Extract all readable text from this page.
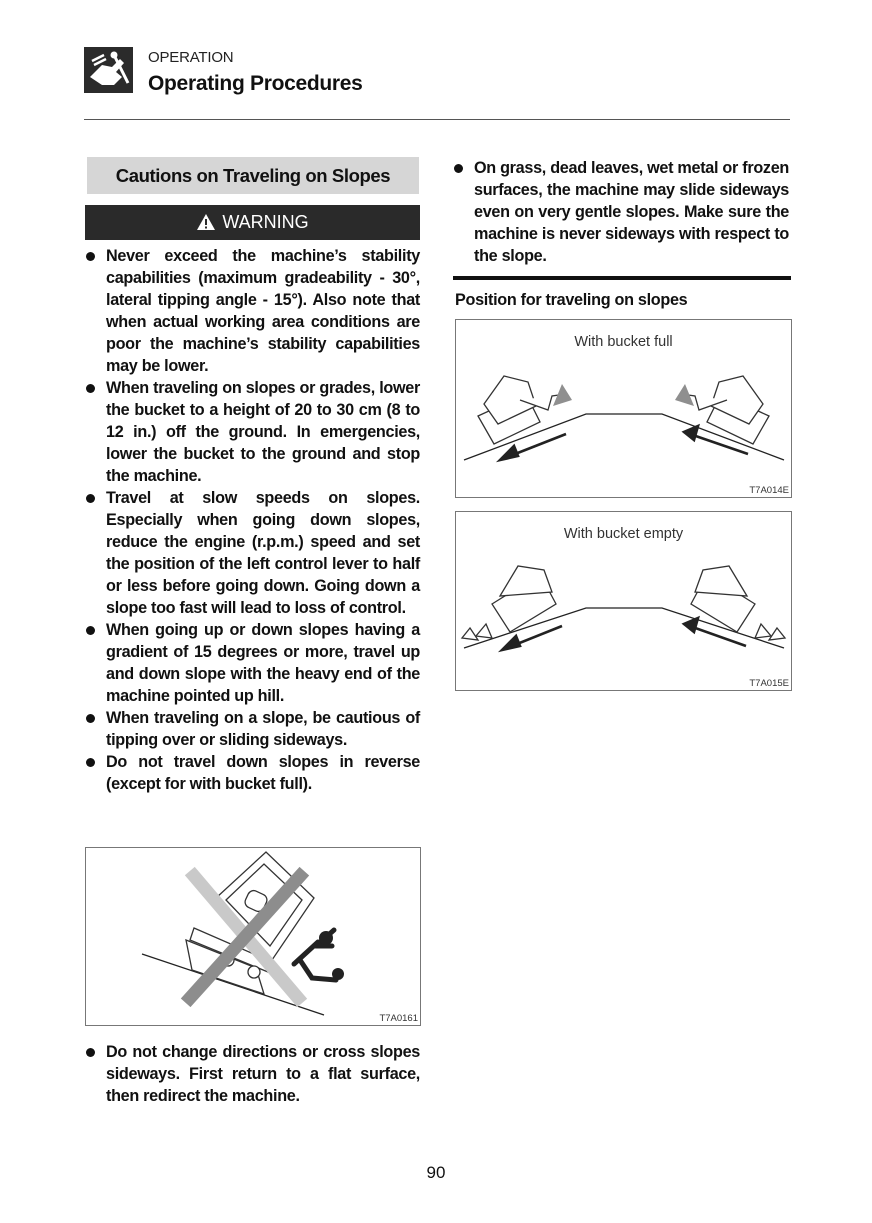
OPERATION
Operating Procedures
Cautions on Traveling on Slopes
WARNING
Never exceed the machine’s stability capabilities (maximum gradeability - 30°, lateral tipping angle - 15°). Also note that when actual working area conditions are poor the machine’s stability capabilities may be lower.
When traveling on slopes or grades, lower the bucket to a height of 20 to 30 cm (8 to 12 in.) off the ground. In emergencies, lower the bucket to the ground and stop the machine.
Travel at slow speeds on slopes. Especially when going down slopes, reduce the engine (r.p.m.) speed and set the position of the left control lever to half or less before going down. Going down a slope too fast will lead to loss of control.
When going up or down slopes having a gradient of 15 degrees or more, travel up and down slope with the heavy end of the machine pointed up hill.
When traveling on a slope, be cautious of tipping over or sliding sideways.
Do not travel down slopes in reverse (except for with bucket full).
T7A0161
Do not change directions or cross slopes sideways. First return to a flat surface, then redirect the machine.
On grass, dead leaves, wet metal or frozen surfaces, the machine may slide sideways even on very gentle slopes. Make sure the machine is never sideways with respect to the slope.
Position for traveling on slopes
With bucket full
T7A014E
With bucket empty
T7A015E
90
